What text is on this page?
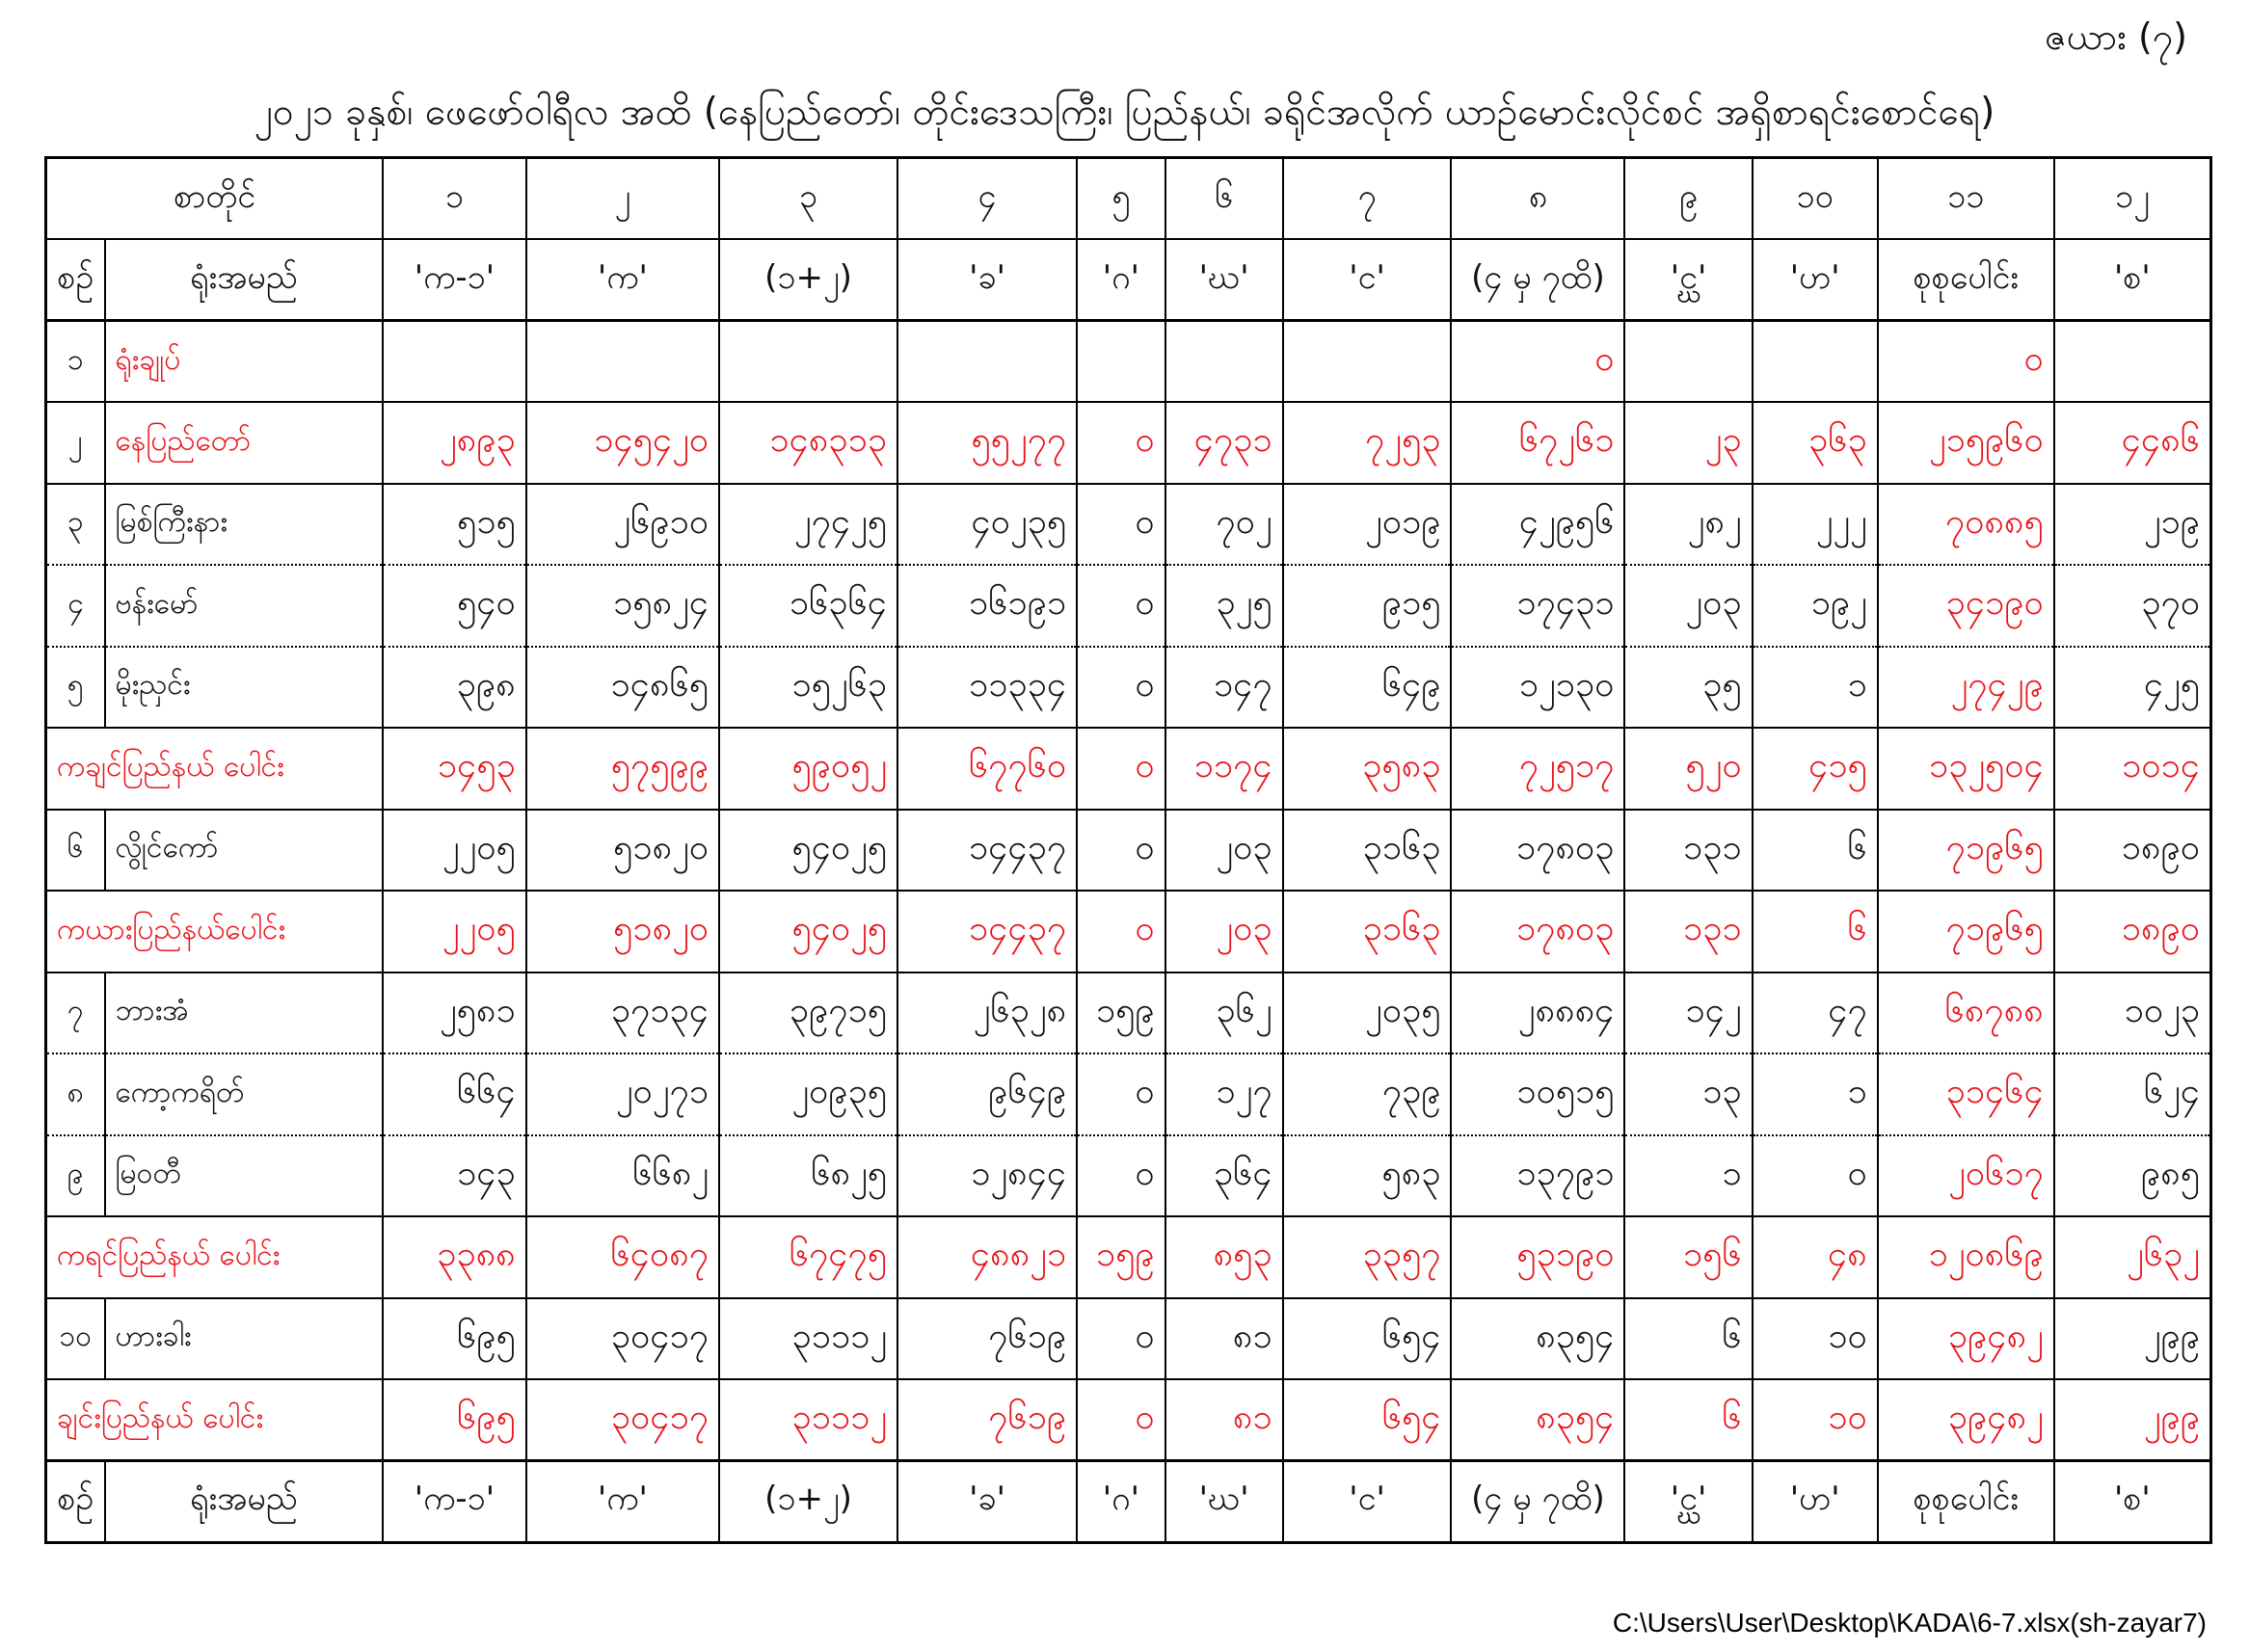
ဇယား (၇)
၂၀၂၁ ခုနှစ်၊ ဖေဖော်ဝါရီလ အထိ (နေပြည်တော်၊ တိုင်းဒေသကြီး၊ ပြည်နယ်၊ ခရိုင်အလိုက် ယာဉ်မောင်းလိုင်စင် အရှိစာရင်းစောင်ရေ)
စာတိုင်		၁	၂	၃	၄	၅	၆	၇	၈	၉	၁၀	၁၁	၁၂
စဉ်	ရုံးအမည်	'က-၁'	'က'	(၁+၂)	'ခ'	'ဂ'	'ဃ'	'င'	(၄ မှ ၇ထိ)	'င္ဃ'	'ဟ'	စုစုပေါင်း	'စ'
၁	ရုံးချုပ်								၀			၀	
၂	နေပြည်တော်	၂၈၉၃	၁၄၅၄၂၀	၁၄၈၃၁၃	၅၅၂၇၇	၀	၄၇၃၁	၇၂၅၃	၆၇၂၆၁	၂၃	၃၆၃	၂၁၅၉၆၀	၄၄၈၆
၃	မြစ်ကြီးနား	၅၁၅	၂၆၉၁၀	၂၇၄၂၅	၄၀၂၃၅	၀	၇၀၂	၂၀၁၉	၄၂၉၅၆	၂၈၂	၂၂၂	၇၀၈၈၅	၂၁၉
၄	ဗန်းမော်	၅၄၀	၁၅၈၂၄	၁၆၃၆၄	၁၆၁၉၁	၀	၃၂၅	၉၁၅	၁၇၄၃၁	၂၀၃	၁၉၂	၃၄၁၉၀	၃၇၀
၅	မိုးညှင်း	၃၉၈	၁၄၈၆၅	၁၅၂၆၃	၁၁၃၃၄	၀	၁၄၇	၆၄၉	၁၂၁၃၀	၃၅	၁	၂၇၄၂၉	၄၂၅
ကချင်ပြည်နယ် ပေါင်း		၁၄၅၃	၅၇၅၉၉	၅၉၀၅၂	၆၇၇၆၀	၀	၁၁၇၄	၃၅၈၃	၇၂၅၁၇	၅၂၀	၄၁၅	၁၃၂၅၀၄	၁၀၁၄
၆	လွိုင်ကော်	၂၂၀၅	၅၁၈၂၀	၅၄၀၂၅	၁၄၄၃၇	၀	၂၀၃	၃၁၆၃	၁၇၈၀၃	၁၃၁	၆	၇၁၉၆၅	၁၈၉၀
ကယားပြည်နယ်ပေါင်း		၂၂၀၅	၅၁၈၂၀	၅၄၀၂၅	၁၄၄၃၇	၀	၂၀၃	၃၁၆၃	၁၇၈၀၃	၁၃၁	၆	၇၁၉၆၅	၁၈၉၀
၇	ဘားအံ	၂၅၈၁	၃၇၁၃၄	၃၉၇၁၅	၂၆၃၂၈	၁၅၉	၃၆၂	၂၀၃၅	၂၈၈၈၄	၁၄၂	၄၇	၆၈၇၈၈	၁၀၂၃
၈	ကော့ကရိတ်	၆၆၄	၂၀၂၇၁	၂၀၉၃၅	၉၆၄၉	၀	၁၂၇	၇၃၉	၁၀၅၁၅	၁၃	၁	၃၁၄၆၄	၆၂၄
၉	မြဝတီ	၁၄၃	၆၆၈၂	၆၈၂၅	၁၂၈၄၄	၀	၃၆၄	၅၈၃	၁၃၇၉၁	၁	၀	၂၀၆၁၇	၉၈၅
ကရင်ပြည်နယ် ပေါင်း		၃၃၈၈	၆၄၀၈၇	၆၇၄၇၅	၄၈၈၂၁	၁၅၉	၈၅၃	၃၃၅၇	၅၃၁၉၀	၁၅၆	၄၈	၁၂၀၈၆၉	၂၆၃၂
၁၀	ဟားခါး	၆၉၅	၃၀၄၁၇	၃၁၁၁၂	၇၆၁၉	၀	၈၁	၆၅၄	၈၃၅၄	၆	၁၀	၃၉၄၈၂	၂၉၉
ချင်းပြည်နယ် ပေါင်း		၆၉၅	၃၀၄၁၇	၃၁၁၁၂	၇၆၁၉	၀	၈၁	၆၅၄	၈၃၅၄	၆	၁၀	၃၉၄၈၂	၂၉၉
စဉ်	ရုံးအမည်	'က-၁'	'က'	(၁+၂)	'ခ'	'ဂ'	'ဃ'	'င'	(၄ မှ ၇ထိ)	'င္ဃ'	'ဟ'	စုစုပေါင်း	'စ'
C:\Users\User\Desktop\KADA\6-7.xlsx(sh-zayar7)
